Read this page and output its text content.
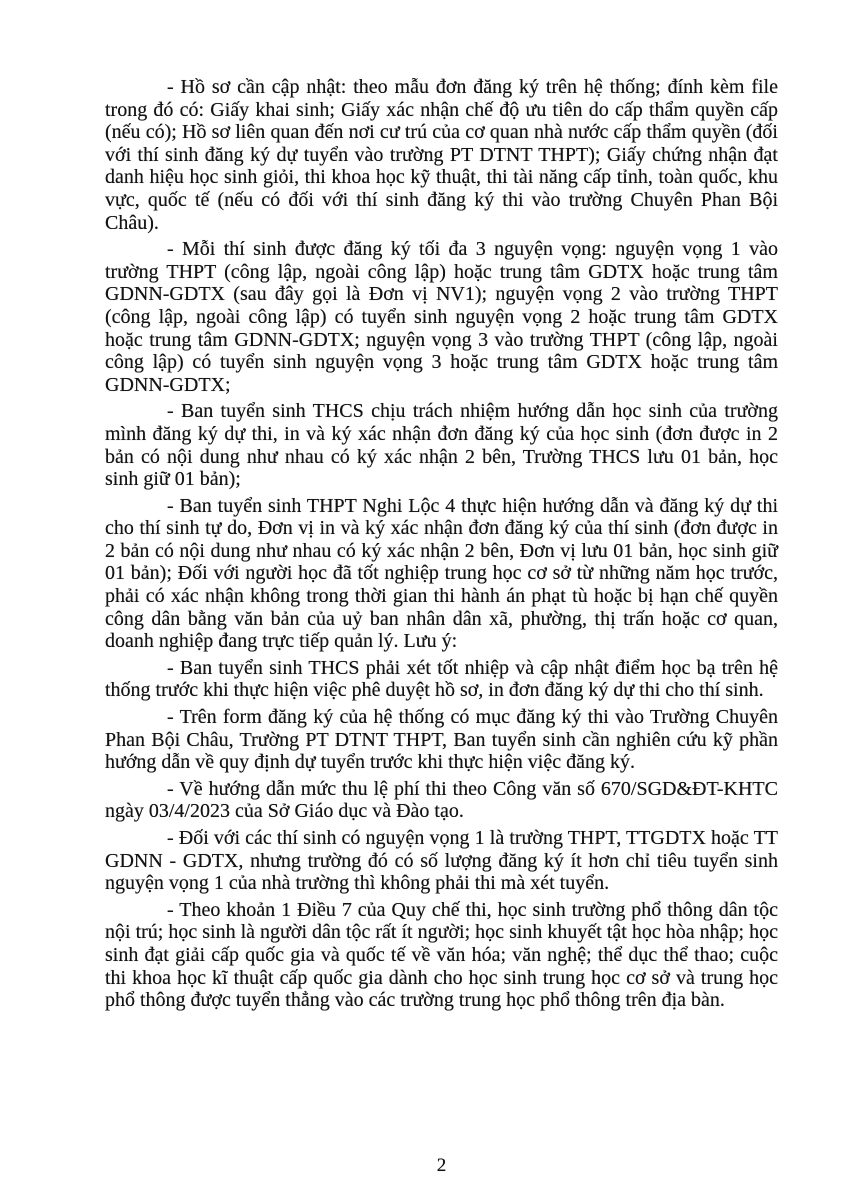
- Hồ sơ cần cập nhật: theo mẫu đơn đăng ký trên hệ thống; đính kèm file trong đó có: Giấy khai sinh; Giấy xác nhận chế độ ưu tiên do cấp thẩm quyền cấp (nếu có); Hồ sơ liên quan đến nơi cư trú của cơ quan nhà nước cấp thẩm quyền (đối với thí sinh đăng ký dự tuyển vào trường PT DTNT THPT); Giấy chứng nhận đạt danh hiệu học sinh giỏi, thi khoa học kỹ thuật, thi tài năng cấp tỉnh, toàn quốc, khu vực, quốc tế (nếu có đối với thí sinh đăng ký thi vào trường Chuyên Phan Bội Châu).

- Mỗi thí sinh được đăng ký tối đa 3 nguyện vọng: nguyện vọng 1 vào trường THPT (công lập, ngoài công lập) hoặc trung tâm GDTX hoặc trung tâm GDNN-GDTX (sau đây gọi là Đơn vị NV1); nguyện vọng 2 vào trường THPT (công lập, ngoài công lập) có tuyển sinh nguyện vọng 2 hoặc trung tâm GDTX hoặc trung tâm GDNN-GDTX; nguyện vọng 3 vào trường THPT (công lập, ngoài công lập) có tuyển sinh nguyện vọng 3 hoặc trung tâm GDTX hoặc trung tâm GDNN-GDTX;

- Ban tuyển sinh THCS chịu trách nhiệm hướng dẫn học sinh của trường mình đăng ký dự thi, in và ký xác nhận đơn đăng ký của học sinh (đơn được in 2 bản có nội dung như nhau có ký xác nhận 2 bên, Trường THCS lưu 01 bản, học sinh giữ 01 bản);

- Ban tuyển sinh THPT Nghi Lộc 4 thực hiện hướng dẫn và đăng ký dự thi cho thí sinh tự do, Đơn vị in và ký xác nhận đơn đăng ký của thí sinh (đơn được in 2 bản có nội dung như nhau có ký xác nhận 2 bên, Đơn vị lưu 01 bản, học sinh giữ 01 bản); Đối với người học đã tốt nghiệp trung học cơ sở từ những năm học trước, phải có xác nhận không trong thời gian thi hành án phạt tù hoặc bị hạn chế quyền công dân bằng văn bản của uỷ ban nhân dân xã, phường, thị trấn hoặc cơ quan, doanh nghiệp đang trực tiếp quản lý. Lưu ý:

- Ban tuyển sinh THCS phải xét tốt nhiệp và cập nhật điểm học bạ trên hệ thống trước khi thực hiện việc phê duyệt hồ sơ, in đơn đăng ký dự thi cho thí sinh.

- Trên form đăng ký của hệ thống có mục đăng ký thi vào Trường Chuyên Phan Bội Châu, Trường PT DTNT THPT, Ban tuyển sinh cần nghiên cứu kỹ phần hướng dẫn về quy định dự tuyển trước khi thực hiện việc đăng ký.

- Về hướng dẫn mức thu lệ phí thi theo Công văn số 670/SGD&ĐT-KHTC ngày 03/4/2023 của Sở Giáo dục và Đào tạo.

- Đối với các thí sinh có nguyện vọng 1 là trường THPT, TTGDTX hoặc TT GDNN - GDTX, nhưng trường đó có số lượng đăng ký ít hơn chỉ tiêu tuyển sinh nguyện vọng 1 của nhà trường thì không phải thi mà xét tuyển.

- Theo khoản 1 Điều 7 của Quy chế thi, học sinh trường phổ thông dân tộc nội trú; học sinh là người dân tộc rất ít người; học sinh khuyết tật học hòa nhập; học sinh đạt giải cấp quốc gia và quốc tế về văn hóa; văn nghệ; thể dục thể thao; cuộc thi khoa học kĩ thuật cấp quốc gia dành cho học sinh trung học cơ sở và trung học phổ thông được tuyển thẳng vào các trường trung học phổ thông trên địa bàn.

2
